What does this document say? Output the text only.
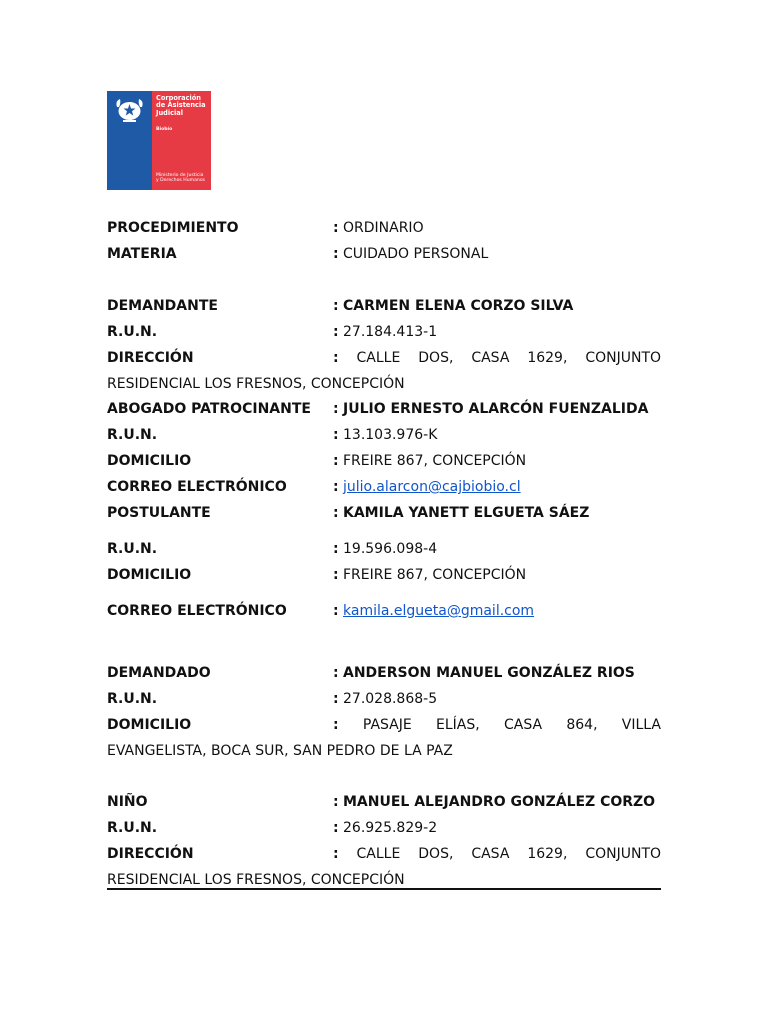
Corporación
de Asistencia
Judicial
Biobío
Ministerio de Justicia
y Derechos Humanos
PROCEDIMIENTO	: ORDINARIO
MATERIA	: CUIDADO PERSONAL
DEMANDANTE	: CARMEN ELENA CORZO SILVA
R.U.N.	: 27.184.413-1
DIRECCIÓN	: CALLE DOS, CASA 1629, CONJUNTO
RESIDENCIAL LOS FRESNOS, CONCEPCIÓN
ABOGADO PATROCINANTE : JULIO ERNESTO ALARCÓN FUENZALIDA
R.U.N.	: 13.103.976-K
DOMICILIO	: FREIRE 867, CONCEPCIÓN
CORREO ELECTRÓNICO	: julio.alarcon@cajbiobio.cl
POSTULANTE	: KAMILA YANETT ELGUETA SÁEZ
R.U.N.	: 19.596.098-4
DOMICILIO	: FREIRE 867, CONCEPCIÓN
CORREO ELECTRÓNICO	: kamila.elgueta@gmail.com
DEMANDADO	: ANDERSON MANUEL GONZÁLEZ RIOS
R.U.N.	: 27.028.868-5
DOMICILIO	: PASAJE ELÍAS, CASA 864, VILLA
EVANGELISTA, BOCA SUR, SAN PEDRO DE LA PAZ
NIÑO	: MANUEL ALEJANDRO GONZÁLEZ CORZO
R.U.N.	: 26.925.829-2
DIRECCIÓN	: CALLE DOS, CASA 1629, CONJUNTO
RESIDENCIAL LOS FRESNOS, CONCEPCIÓN
